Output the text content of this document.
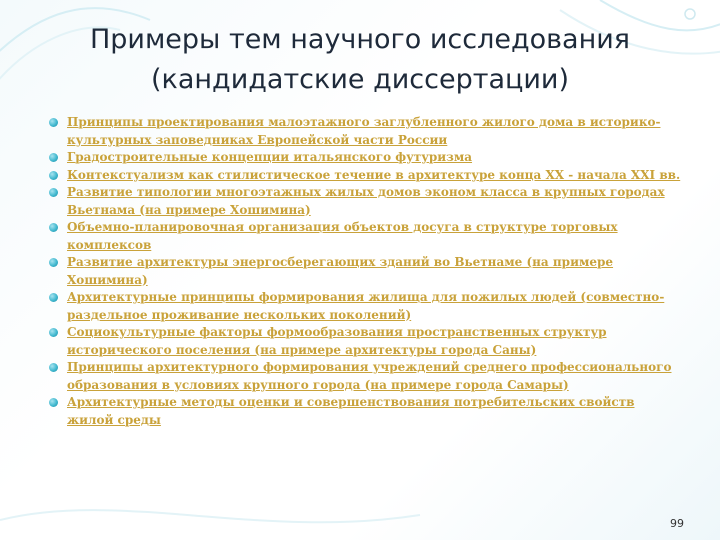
Примеры тем научного исследования
(кандидатские диссертации)
Принципы проектирования малоэтажного заглубленного жилого дома в историко-культурных заповедниках Европейской части России
Градостроительные концепции итальянского футуризма
Контекстуализм как стилистическое течение в архитектуре конца XX - начала XXI вв.
Развитие типологии многоэтажных жилых домов эконом класса в крупных городах Вьетнама (на примере Хошимина)
Объемно-планировочная организация объектов досуга в структуре торговых комплексов
Развитие архитектуры энергосберегающих зданий во Вьетнаме (на примере Хошимина)
Архитектурные принципы формирования жилища для пожилых людей (совместно-раздельное проживание нескольких поколений)
Социокультурные факторы формообразования пространственных структур исторического поселения (на примере архитектуры города Саны)
Принципы архитектурного формирования учреждений среднего профессионального образования в условиях крупного города (на примере города Самары)
Архитектурные методы оценки и совершенствования потребительских свойств жилой среды
99
